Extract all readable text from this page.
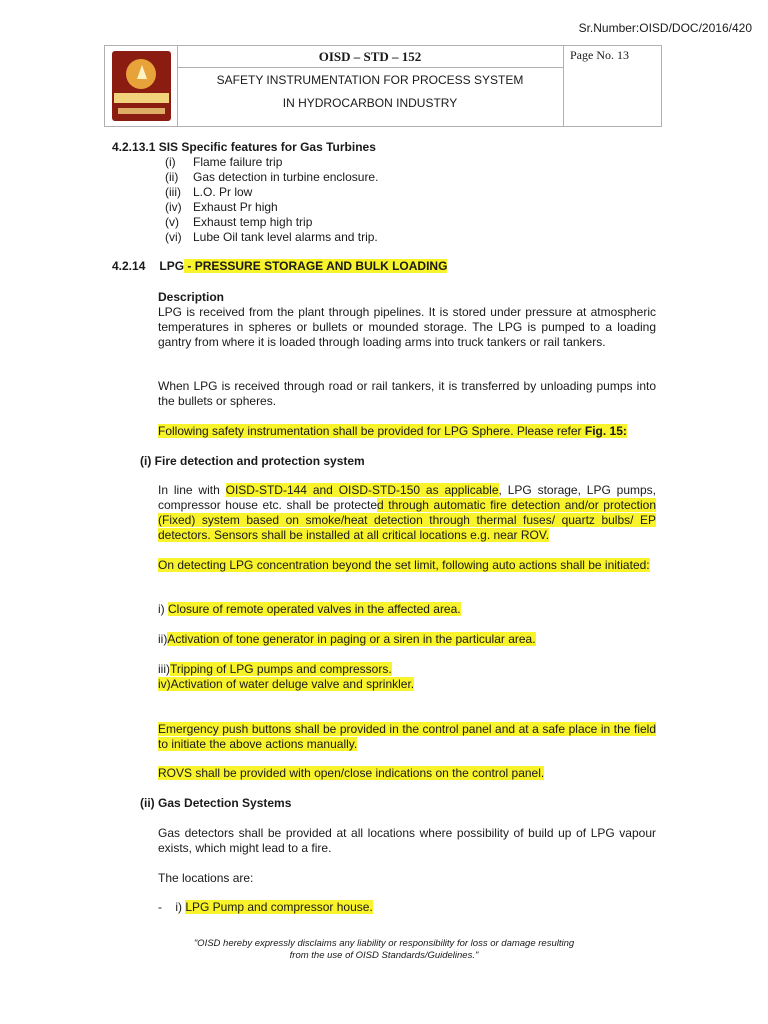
Sr.Number:OISD/DOC/2016/420
OISD – STD – 152
SAFETY INSTRUMENTATION FOR PROCESS SYSTEM
IN HYDROCARBON INDUSTRY
Page No. 13
4.2.13.1 SIS Specific features for Gas Turbines
(i)	Flame failure trip
(ii)	Gas detection in turbine enclosure.
(iii)	L.O. Pr low
(iv) Exhaust Pr high
(v)	Exhaust temp high trip
(vi) Lube Oil tank level alarms and trip.
4.2.14 LPG - PRESSURE STORAGE AND BULK LOADING
Description
LPG is received from the plant through pipelines. It is stored under pressure at atmospheric temperatures in spheres or bullets or mounded storage. The LPG is pumped to a loading gantry from where it is loaded through loading arms into truck tankers or rail tankers.
When LPG is received through road or rail tankers, it is transferred by unloading pumps into the bullets or spheres.
Following safety instrumentation shall be provided for LPG Sphere. Please refer Fig. 15:
(i) Fire detection and protection system
In line with OISD-STD-144 and OISD-STD-150 as applicable, LPG storage, LPG pumps, compressor house etc. shall be protected through automatic fire detection and/or protection (Fixed) system based on smoke/heat detection through thermal fuses/ quartz bulbs/ EP detectors. Sensors shall be installed at all critical locations e.g. near ROV.
On detecting LPG concentration beyond the set limit, following auto actions shall be initiated:
i) Closure of remote operated valves in the affected area.
ii)Activation of tone generator in paging or a siren in the particular area.
iii)Tripping of LPG pumps and compressors.
iv)Activation of water deluge valve and sprinkler.
Emergency push buttons shall be provided in the control panel and at a safe place in the field to initiate the above actions manually.
ROVS shall be provided with open/close indications on the control panel.
(ii) Gas Detection Systems
Gas detectors shall be provided at all locations where possibility of build up of LPG vapour exists, which might lead to a fire.
The locations are:
-    i) LPG Pump and compressor house.
"OISD hereby expressly disclaims any liability or responsibility for loss or damage resulting
from the use of OISD Standards/Guidelines."
